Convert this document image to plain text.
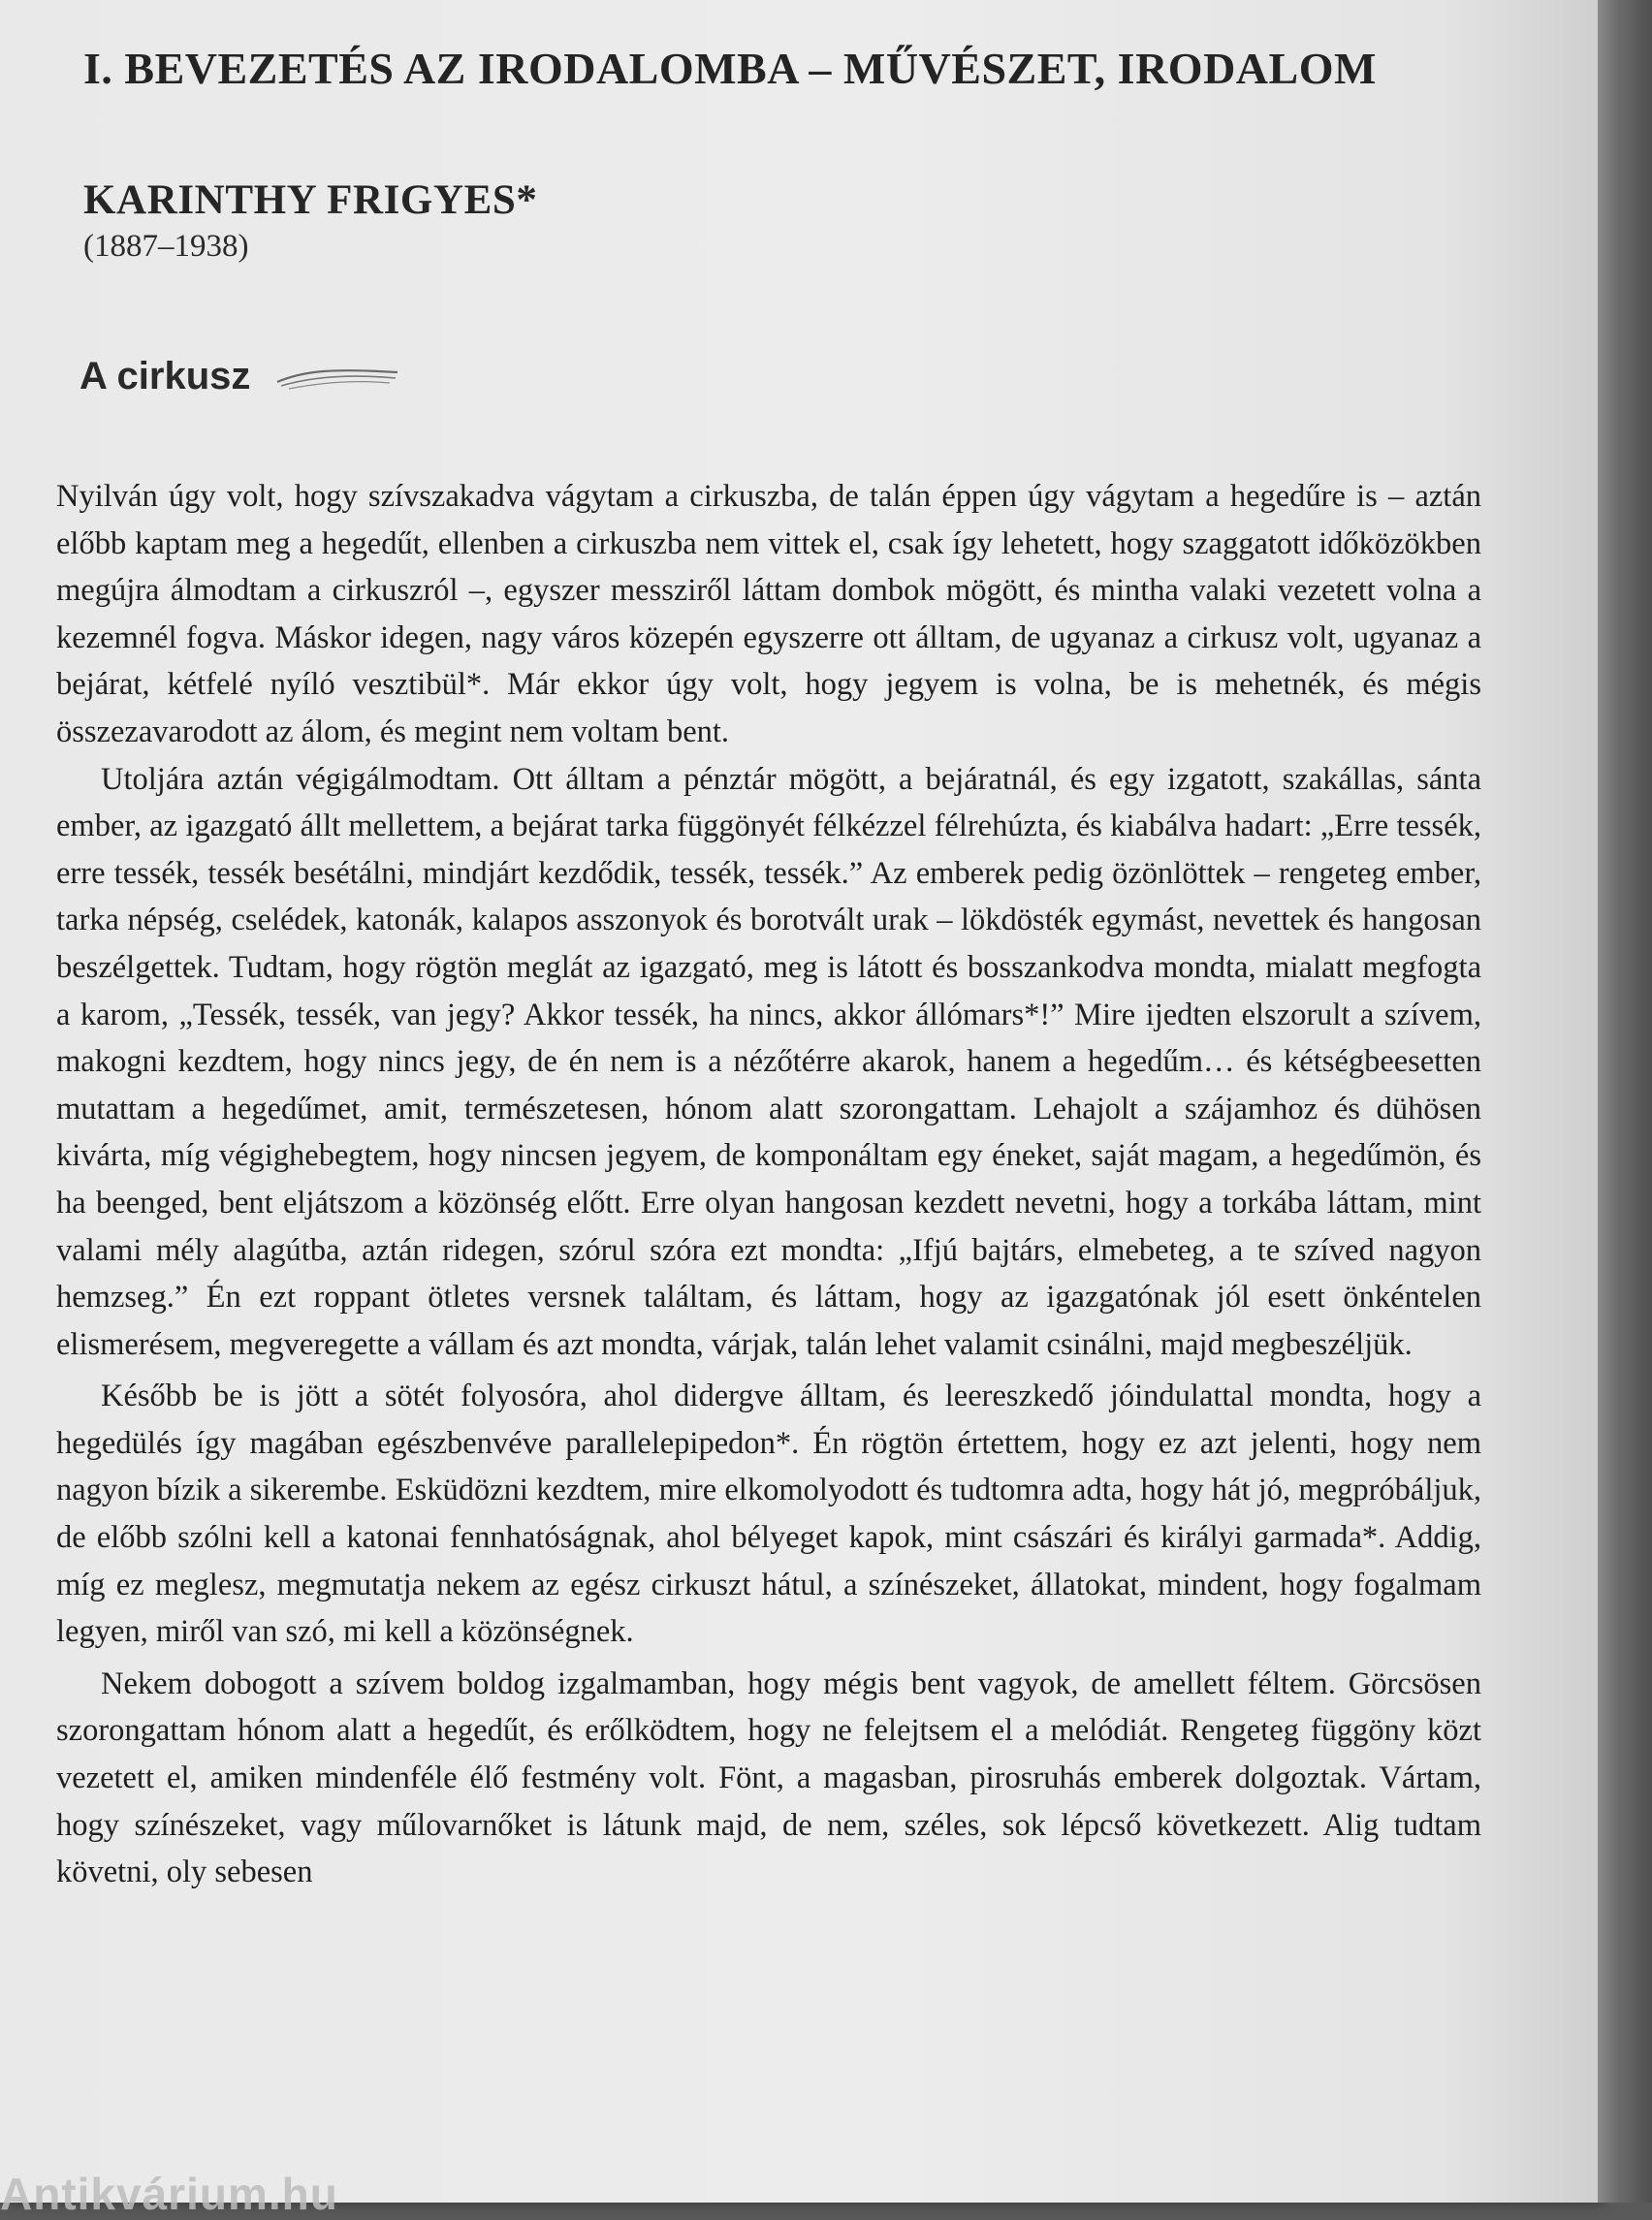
I. BEVEZETÉS AZ IRODALOMBA – MŰVÉSZET, IRODALOM
KARINTHY FRIGYES*
(1887–1938)
A cirkusz

Nyilván úgy volt, hogy szívszakadva vágytam a cirkuszba, de talán éppen úgy vágytam a hegedűre is – aztán előbb kaptam meg a hegedűt, ellenben a cirkuszba nem vittek el, csak így lehetett, hogy szaggatott időközökben megújra álmodtam a cirkuszról –, egyszer messziről láttam dombok mögött, és mintha valaki vezetett volna a kezemnél fogva. Máskor idegen, nagy város közepén egyszerre ott álltam, de ugyanaz a cirkusz volt, ugyanaz a bejárat, kétfelé nyíló vesztibül*. Már ekkor úgy volt, hogy jegyem is volna, be is mehetnék, és mégis összezavarodott az álom, és megint nem voltam bent.

Utoljára aztán végigálmodtam. Ott álltam a pénztár mögött, a bejáratnál, és egy izgatott, szakállas, sánta ember, az igazgató állt mellettem, a bejárat tarka függönyét félkézzel félrehúzta, és kiabálva hadart: „Erre tessék, erre tessék, tessék besétálni, mindjárt kezdődik, tessék, tessék.” Az emberek pedig özönlöttek – rengeteg ember, tarka népség, cselédek, katonák, kalapos asszonyok és borotvált urak – lökdösték egymást, nevettek és hangosan beszélgettek. Tudtam, hogy rögtön meglát az igazgató, meg is látott és bosszankodva mondta, mialatt megfogta a karom, „Tessék, tessék, van jegy? Akkor tessék, ha nincs, akkor állómars*!” Mire ijedten elszorult a szívem, makogni kezdtem, hogy nincs jegy, de én nem is a nézőtérre akarok, hanem a hegedűm… és kétségbeesetten mutattam a hegedűmet, amit, természetesen, hónom alatt szorongattam. Lehajolt a szájamhoz és dühösen kivárta, míg végighebegtem, hogy nincsen jegyem, de komponáltam egy éneket, saját magam, a hegedűmön, és ha beenged, bent eljátszom a közönség előtt. Erre olyan hangosan kezdett nevetni, hogy a torkába láttam, mint valami mély alagútba, aztán ridegen, szórul szóra ezt mondta: „Ifjú bajtárs, elmebeteg, a te szíved nagyon hemzseg.” Én ezt roppant ötletes versnek találtam, és láttam, hogy az igazgatónak jól esett önkéntelen elismerésem, megveregette a vállam és azt mondta, várjak, talán lehet valamit csinálni, majd megbeszéljük.

Később be is jött a sötét folyosóra, ahol didergve álltam, és leereszkedő jóindulattal mondta, hogy a hegedülés így magában egészbenvéve parallelepipedon*. Én rögtön értettem, hogy ez azt jelenti, hogy nem nagyon bízik a sikerembe. Esküdözni kezdtem, mire elkomolyodott és tudtomra adta, hogy hát jó, megpróbáljuk, de előbb szólni kell a katonai fennhatóságnak, ahol bélyeget kapok, mint császári és királyi garmada*. Addig, míg ez meglesz, megmutatja nekem az egész cirkuszt hátul, a színészeket, állatokat, mindent, hogy fogalmam legyen, miről van szó, mi kell a közönségnek.

Nekem dobogott a szívem boldog izgalmamban, hogy mégis bent vagyok, de amellett féltem. Görcsösen szorongattam hónom alatt a hegedűt, és erőlködtem, hogy ne felejtsem el a melódiát. Rengeteg függöny közt vezetett el, amiken mindenféle élő festmény volt. Fönt, a magasban, pirosruhás emberek dolgoztak. Vártam, hogy színészeket, vagy műlovarnőket is látunk majd, de nem, széles, sok lépcső következett. Alig tudtam követni, oly sebesen

Antikvárium.hu
